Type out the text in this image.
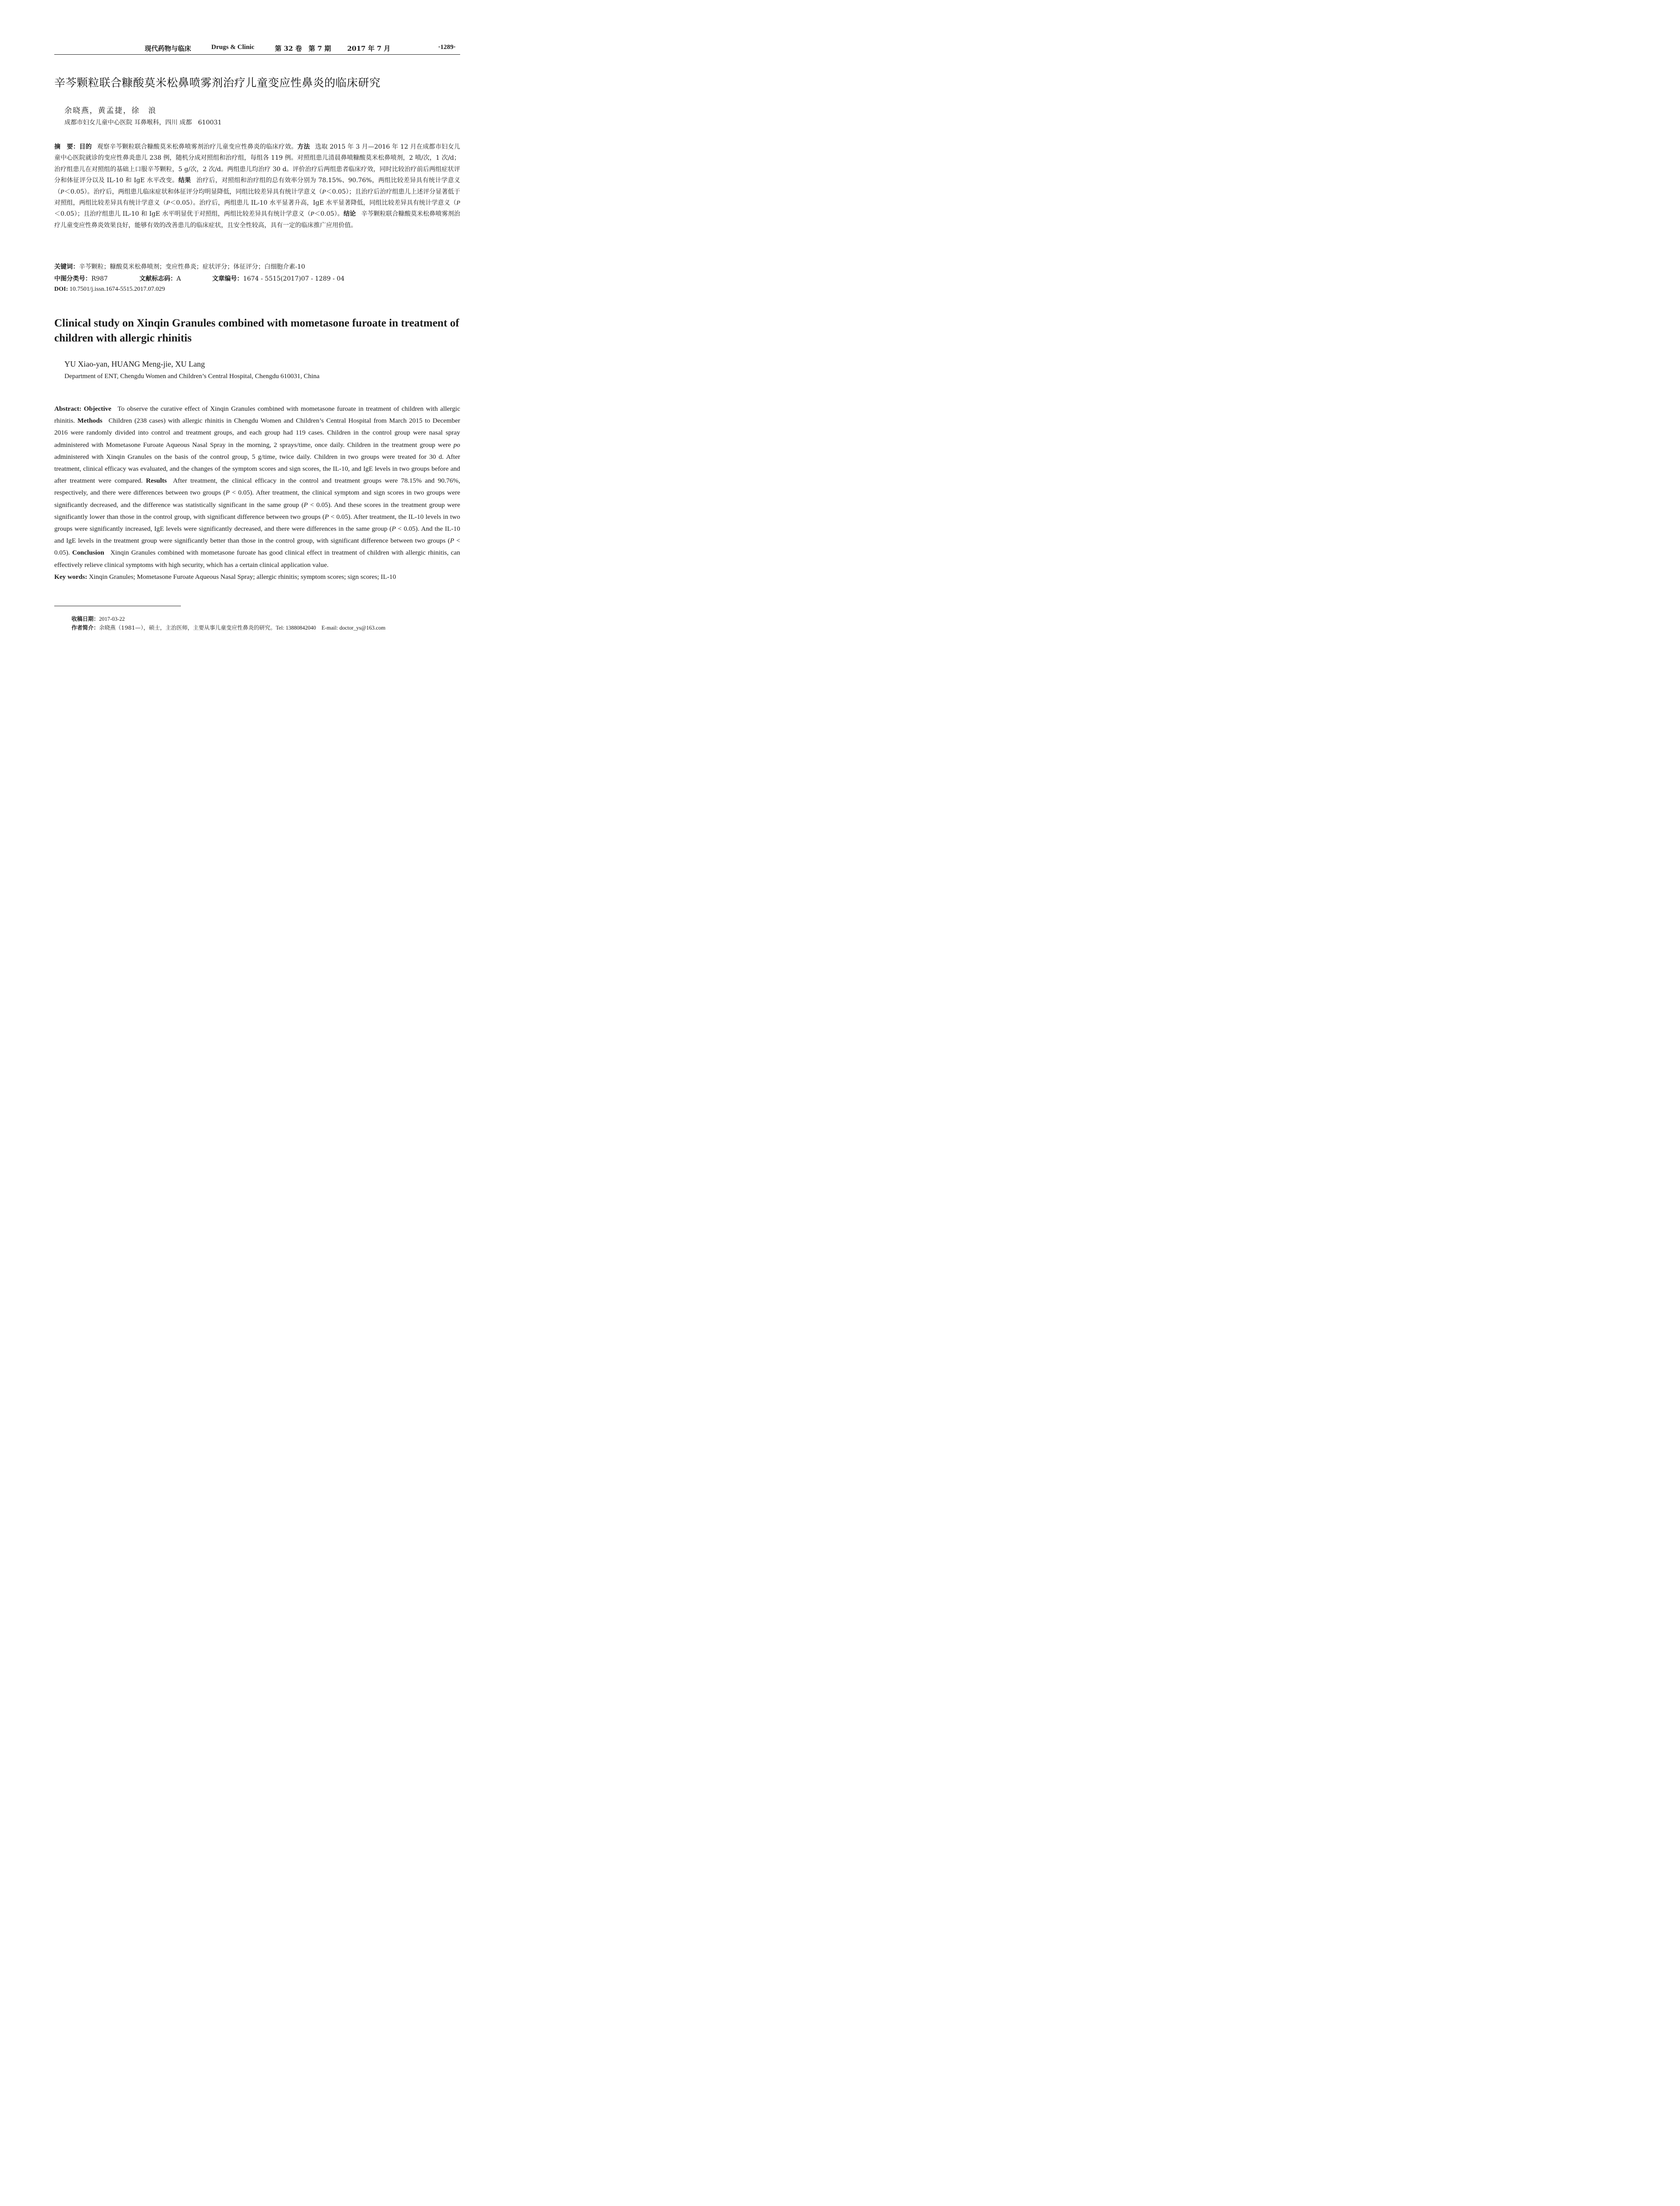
现代药物与临床	Drugs & Clinic	第 32 卷　第 7 期 2017 年 7 月	·1289·
辛芩颗粒联合糠酸莫米松鼻喷雾剂治疗儿童变应性鼻炎的临床研究
余晓燕，黄孟捷，徐　浪
成都市妇女儿童中心医院 耳鼻喉科，四川 成都　610031
摘　要：目的 观察辛芩颗粒联合糠酸莫米松鼻喷雾剂治疗儿童变应性鼻炎的临床疗效。方法 选取 2015 年 3 月—2016 年 12 月在成都市妇女儿童中心医院就诊的变应性鼻炎患儿 238 例，随机分成对照组和治疗组，每组各 119 例。对照组患儿清晨鼻喷糠酸莫米松鼻喷剂，2 喷/次，1 次/d；治疗组患儿在对照组的基础上口服辛芩颗粒，5 g/次，2 次/d。两组患儿均治疗 30 d。评价治疗后两组患者临床疗效，同时比较治疗前后两组症状评分和体征评分以及 IL-10 和 IgE 水平改变。结果 治疗后，对照组和治疗组的总有效率分别为 78.15%、90.76%，两组比较差异具有统计学意义（P＜0.05）。治疗后，两组患儿临床症状和体征评分均明显降低，同组比较差异具有统计学意义（P＜0.05）；且治疗后治疗组患儿上述评分显著低于对照组，两组比较差异具有统计学意义（P＜0.05）。治疗后，两组患儿 IL-10 水平显著升高，IgE 水平显著降低，同组比较差异具有统计学意义（P＜0.05）；且治疗组患儿 IL-10 和 IgE 水平明显优于对照组，两组比较差异具有统计学意义（P＜0.05）。结论 辛芩颗粒联合糠酸莫米松鼻喷雾剂治疗儿童变应性鼻炎效果良好，能够有效的改善患儿的临床症状，且安全性较高，具有一定的临床推广应用价值。
关键词：辛芩颗粒；糠酸莫米松鼻喷剂；变应性鼻炎；症状评分；体征评分；白细胞介素-10
中图分类号：R987	文献标志码：A	文章编号：1674 - 5515(2017)07 - 1289 - 04
DOI: 10.7501/j.issn.1674-5515.2017.07.029
Clinical study on Xinqin Granules combined with mometasone furoate in treatment of children with allergic rhinitis
YU Xiao-yan, HUANG Meng-jie, XU Lang
Department of ENT, Chengdu Women and Children’s Central Hospital, Chengdu 610031, China
Abstract: Objective To observe the curative effect of Xinqin Granules combined with mometasone furoate in treatment of children with allergic rhinitis. Methods Children (238 cases) with allergic rhinitis in Chengdu Women and Children’s Central Hospital from March 2015 to December 2016 were randomly divided into control and treatment groups, and each group had 119 cases. Children in the control group were nasal spray administered with Mometasone Furoate Aqueous Nasal Spray in the morning, 2 sprays/time, once daily. Children in the treatment group were po administered with Xinqin Granules on the basis of the control group, 5 g/time, twice daily. Children in two groups were treated for 30 d. After treatment, clinical efficacy was evaluated, and the changes of the symptom scores and sign scores, the IL-10, and IgE levels in two groups before and after treatment were compared. Results After treatment, the clinical efficacy in the control and treatment groups were 78.15% and 90.76%, respectively, and there were differences between two groups (P < 0.05). After treatment, the clinical symptom and sign scores in two groups were significantly decreased, and the difference was statistically significant in the same group (P < 0.05). And these scores in the treatment group were significantly lower than those in the control group, with significant difference between two groups (P < 0.05). After treatment, the IL-10 levels in two groups were significantly increased, IgE levels were significantly decreased, and there were differences in the same group (P < 0.05). And the IL-10 and IgE levels in the treatment group were significantly better than those in the control group, with significant difference between two groups (P < 0.05). Conclusion Xinqin Granules combined with mometasone furoate has good clinical effect in treatment of children with allergic rhinitis, can effectively relieve clinical symptoms with high security, which has a certain clinical application value.
Key words: Xinqin Granules; Mometasone Furoate Aqueous Nasal Spray; allergic rhinitis; symptom scores; sign scores; IL-10
收稿日期：2017-03-22
作者简介：余晓燕（1981—），硕士，主治医师，主要从事儿童变应性鼻炎的研究。Tel: 13880842040　E-mail: doctor_ys@163.com
